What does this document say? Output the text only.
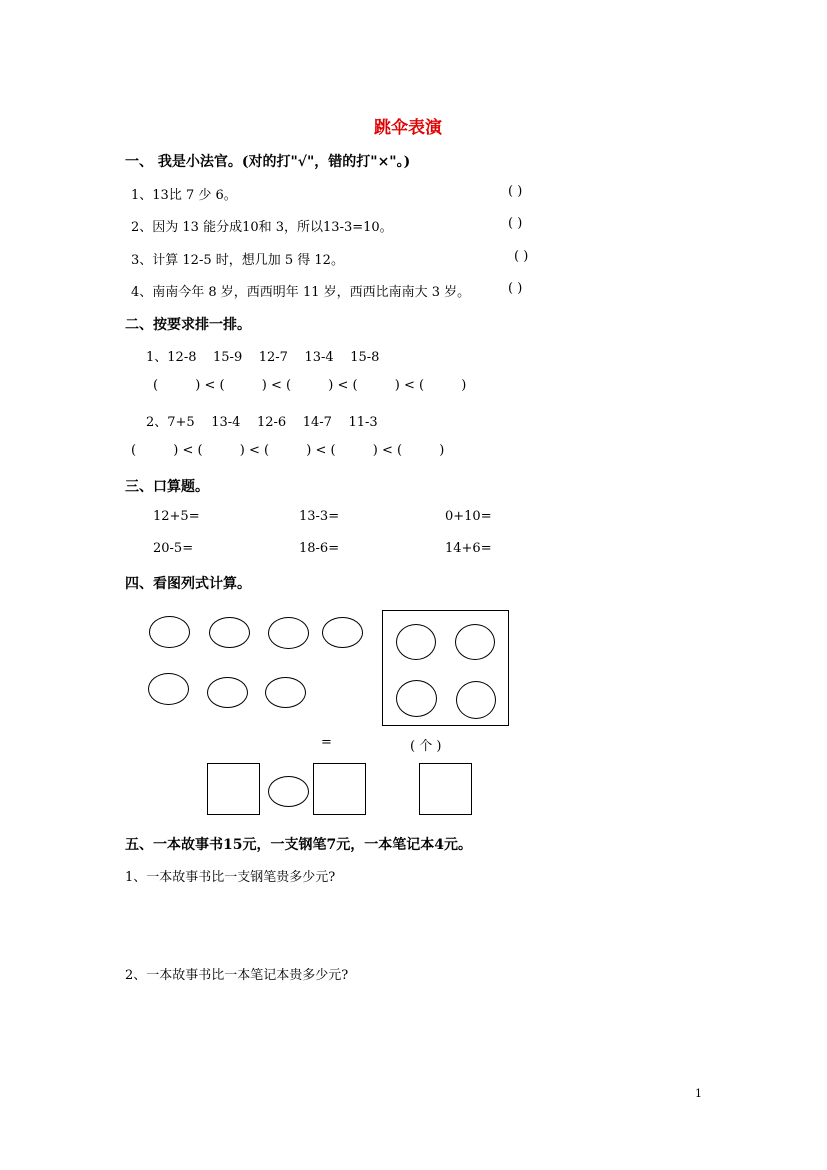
跳伞表演
一、 我是小法官。(对的打"√"，错的打"×"。)
1、13比 7 少 6。	( )
2、因为 13 能分成10和 3，所以13-3=10。	( )
3、计算 12-5 时，想几加 5 得 12。	( )
4、南南今年 8 岁，西西明年 11 岁，西西比南南大 3 岁。	( )
二、按要求排一排。
1、12-8    15-9    12-7    13-4    15-8
(         ) < (         ) < (         ) < (         ) < (         )
2、7+5    13-4    12-6    14-7    11-3
(         ) < (         ) < (         ) < (         ) < (         )
三、口算题。
12+5=	13-3=	0+10=
20-5=	18-6=	14+6=
四、看图列式计算。
=	( 个 )
五、一本故事书15元，一支钢笔7元，一本笔记本4元。
1、一本故事书比一支钢笔贵多少元?
2、一本故事书比一本笔记本贵多少元?
1
